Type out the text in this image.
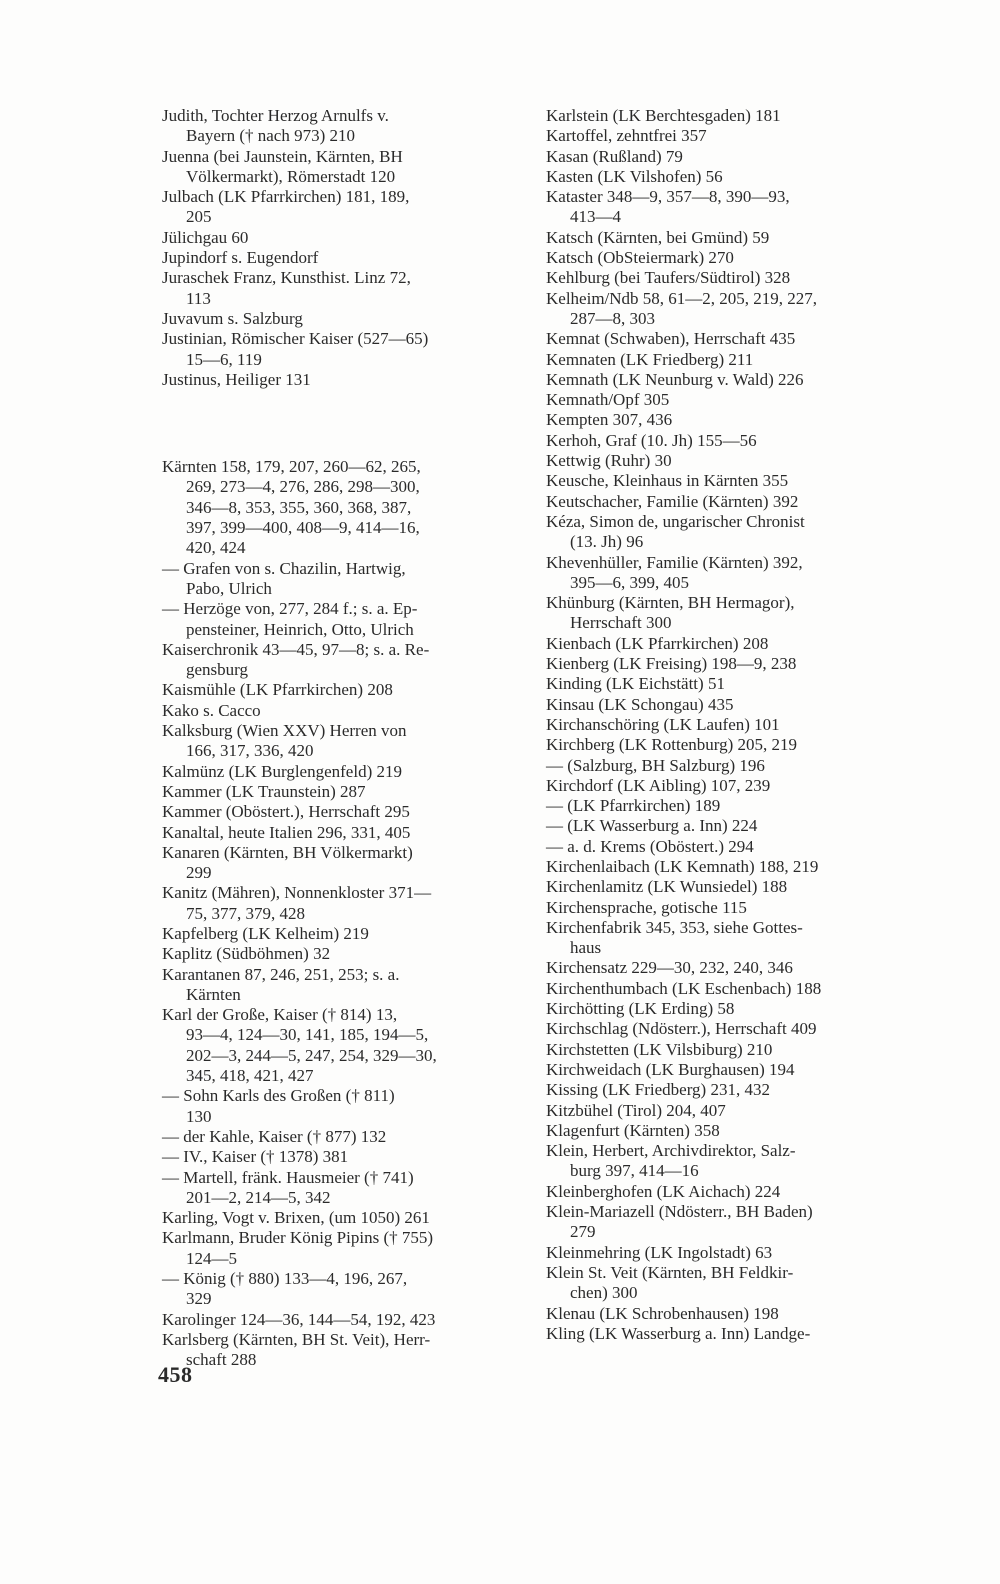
Judith, Tochter Herzog Arnulfs v.
Bayern († nach 973) 210
Juenna (bei Jaunstein, Kärnten, BH
Völkermarkt), Römerstadt 120
Julbach (LK Pfarrkirchen) 181, 189,
205
Jülichgau 60
Jupindorf s. Eugendorf
Juraschek Franz, Kunsthist. Linz 72,
113
Juvavum s. Salzburg
Justinian, Römischer Kaiser (527—65)
15—6, 119
Justinus, Heiliger 131
Kärnten 158, 179, 207, 260—62, 265,
269, 273—4, 276, 286, 298—300,
346—8, 353, 355, 360, 368, 387,
397, 399—400, 408—9, 414—16,
420, 424
— Grafen von s. Chazilin, Hartwig,
Pabo, Ulrich
— Herzöge von, 277, 284 f.; s. a. Ep-
pensteiner, Heinrich, Otto, Ulrich
Kaiserchronik 43—45, 97—8; s. a. Re-
gensburg
Kaismühle (LK Pfarrkirchen) 208
Kako s. Cacco
Kalksburg (Wien XXV) Herren von
166, 317, 336, 420
Kalmünz (LK Burglengenfeld) 219
Kammer (LK Traunstein) 287
Kammer (Oböstert.), Herrschaft 295
Kanaltal, heute Italien 296, 331, 405
Kanaren (Kärnten, BH Völkermarkt)
299
Kanitz (Mähren), Nonnenkloster 371—
75, 377, 379, 428
Kapfelberg (LK Kelheim) 219
Kaplitz (Südböhmen) 32
Karantanen 87, 246, 251, 253; s. a.
Kärnten
Karl der Große, Kaiser († 814) 13,
93—4, 124—30, 141, 185, 194—5,
202—3, 244—5, 247, 254, 329—30,
345, 418, 421, 427
— Sohn Karls des Großen († 811)
130
— der Kahle, Kaiser († 877) 132
— IV., Kaiser († 1378) 381
— Martell, fränk. Hausmeier († 741)
201—2, 214—5, 342
Karling, Vogt v. Brixen, (um 1050) 261
Karlmann, Bruder König Pipins († 755)
124—5
— König († 880) 133—4, 196, 267,
329
Karolinger 124—36, 144—54, 192, 423
Karlsberg (Kärnten, BH St. Veit), Herr-
schaft 288
Karlstein (LK Berchtesgaden) 181
Kartoffel, zehntfrei 357
Kasan (Rußland) 79
Kasten (LK Vilshofen) 56
Kataster 348—9, 357—8, 390—93,
413—4
Katsch (Kärnten, bei Gmünd) 59
Katsch (ObSteiermark) 270
Kehlburg (bei Taufers/Südtirol) 328
Kelheim/Ndb 58, 61—2, 205, 219, 227,
287—8, 303
Kemnat (Schwaben), Herrschaft 435
Kemnaten (LK Friedberg) 211
Kemnath (LK Neunburg v. Wald) 226
Kemnath/Opf 305
Kempten 307, 436
Kerhoh, Graf (10. Jh) 155—56
Kettwig (Ruhr) 30
Keusche, Kleinhaus in Kärnten 355
Keutschacher, Familie (Kärnten) 392
Kéza, Simon de, ungarischer Chronist
(13. Jh) 96
Khevenhüller, Familie (Kärnten) 392,
395—6, 399, 405
Khünburg (Kärnten, BH Hermagor),
Herrschaft 300
Kienbach (LK Pfarrkirchen) 208
Kienberg (LK Freising) 198—9, 238
Kinding (LK Eichstätt) 51
Kinsau (LK Schongau) 435
Kirchanschöring (LK Laufen) 101
Kirchberg (LK Rottenburg) 205, 219
— (Salzburg, BH Salzburg) 196
Kirchdorf (LK Aibling) 107, 239
— (LK Pfarrkirchen) 189
— (LK Wasserburg a. Inn) 224
— a. d. Krems (Oböstert.) 294
Kirchenlaibach (LK Kemnath) 188, 219
Kirchenlamitz (LK Wunsiedel) 188
Kirchensprache, gotische 115
Kirchenfabrik 345, 353, siehe Gottes-
haus
Kirchensatz 229—30, 232, 240, 346
Kirchenthumbach (LK Eschenbach) 188
Kirchötting (LK Erding) 58
Kirchschlag (Ndösterr.), Herrschaft 409
Kirchstetten (LK Vilsbiburg) 210
Kirchweidach (LK Burghausen) 194
Kissing (LK Friedberg) 231, 432
Kitzbühel (Tirol) 204, 407
Klagenfurt (Kärnten) 358
Klein, Herbert, Archivdirektor, Salz-
burg 397, 414—16
Kleinberghofen (LK Aichach) 224
Klein-Mariazell (Ndösterr., BH Baden)
279
Kleinmehring (LK Ingolstadt) 63
Klein St. Veit (Kärnten, BH Feldkir-
chen) 300
Klenau (LK Schrobenhausen) 198
Kling (LK Wasserburg a. Inn) Landge-
458
